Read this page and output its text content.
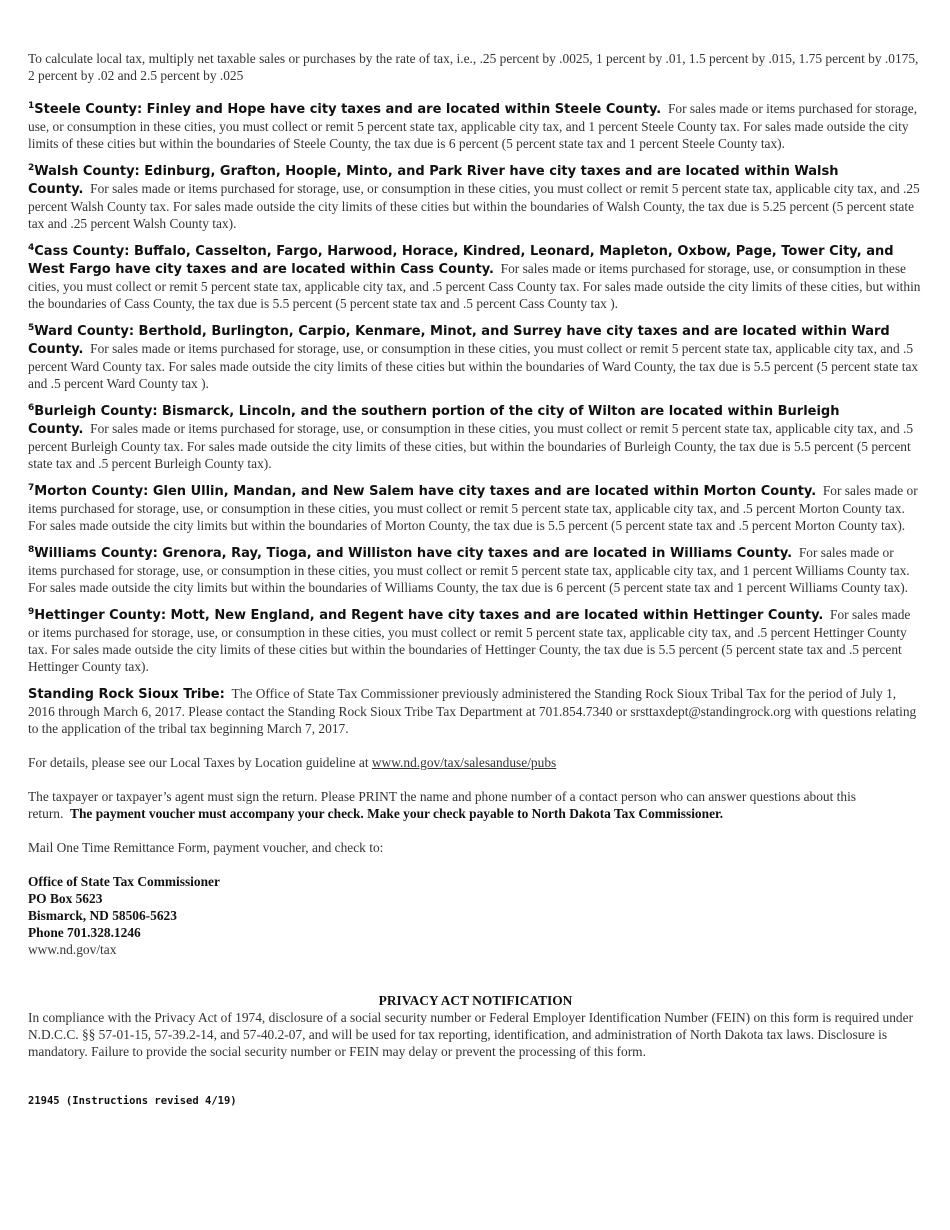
To calculate local tax, multiply net taxable sales or purchases by the rate of tax, i.e., .25 percent by .0025, 1 percent by .01, 1.5 percent by .015, 1.75 percent by .0175, 2 percent by .02 and 2.5 percent by .025

$^1$Steele County: Finley and Hope have city taxes and are located within Steele County. For sales made or items purchased for storage, use, or consumption in these cities, you must collect or remit 5 percent state tax, applicable city tax, and 1 percent Steele County tax. For sales made outside the city limits of these cities but within the boundaries of Steele County, the tax due is 6 percent (5 percent state tax and 1 percent Steele County tax).

$^2$Walsh County: Edinburg, Grafton, Hoople, Minto, and Park River have city taxes and are located within Walsh County. For sales made or items purchased for storage, use, or consumption in these cities, you must collect or remit 5 percent state tax, applicable city tax, and .25 percent Walsh County tax. For sales made outside the city limits of these cities but within the boundaries of Walsh County, the tax due is 5.25 percent (5 percent state tax and .25 percent Walsh County tax).

$^4$Cass County: Buffalo, Casselton, Fargo, Harwood, Horace, Kindred, Leonard, Mapleton, Oxbow, Page, Tower City, and West Fargo have city taxes and are located within Cass County. For sales made or items purchased for storage, use, or consumption in these cities, you must collect or remit 5 percent state tax, applicable city tax, and .5 percent Cass County tax. For sales made outside the city limits of these cities, but within the boundaries of Cass County, the tax due is 5.5 percent (5 percent state tax and .5 percent Cass County tax ).

$^5$Ward County: Berthold, Burlington, Carpio, Kenmare, Minot, and Surrey have city taxes and are located within Ward County. For sales made or items purchased for storage, use, or consumption in these cities, you must collect or remit 5 percent state tax, applicable city tax, and .5 percent Ward County tax. For sales made outside the city limits of these cities but within the boundaries of Ward County, the tax due is 5.5 percent (5 percent state tax and .5 percent Ward County tax ).

$^6$Burleigh County: Bismarck, Lincoln, and the southern portion of the city of Wilton are located within Burleigh County. For sales made or items purchased for storage, use, or consumption in these cities, you must collect or remit 5 percent state tax, applicable city tax, and .5 percent Burleigh County tax. For sales made outside the city limits of these cities, but within the boundaries of Burleigh County, the tax due is 5.5 percent (5 percent state tax and .5 percent Burleigh County tax).

$^7$Morton County: Glen Ullin, Mandan, and New Salem have city taxes and are located within Morton County. For sales made or items purchased for storage, use, or consumption in these cities, you must collect or remit 5 percent state tax, applicable city tax, and .5 percent Morton County tax. For sales made outside the city limits but within the boundaries of Morton County, the tax due is 5.5 percent (5 percent state tax and .5 percent Morton County tax).

$^8$Williams County: Grenora, Ray, Tioga, and Williston have city taxes and are located in Williams County. For sales made or items purchased for storage, use, or consumption in these cities, you must collect or remit 5 percent state tax, applicable city tax, and 1 percent Williams County tax. For sales made outside the city limits but within the boundaries of Williams County, the tax due is 6 percent (5 percent state tax and 1 percent Williams County tax).

$^9$Hettinger County: Mott, New England, and Regent have city taxes and are located within Hettinger County. For sales made or items purchased for storage, use, or consumption in these cities, you must collect or remit 5 percent state tax, applicable city tax, and .5 percent Hettinger County tax. For sales made outside the city limits of these cities but within the boundaries of Hettinger County, the tax due is 5.5 percent (5 percent state tax and .5 percent Hettinger County tax).

Standing Rock Sioux Tribe: The Office of State Tax Commissioner previously administered the Standing Rock Sioux Tribal Tax for the period of July 1, 2016 through March 6, 2017. Please contact the Standing Rock Sioux Tribe Tax Department at 701.854.7340 or srsttaxdept@standingrock.org with questions relating to the application of the tribal tax beginning March 7, 2017.

For details, please see our Local Taxes by Location guideline at www.nd.gov/tax/salesanduse/pubs

The taxpayer or taxpayer’s agent must sign the return. Please PRINT the name and phone number of a contact person who can answer questions about this return. The payment voucher must accompany your check. Make your check payable to North Dakota Tax Commissioner.

Mail One Time Remittance Form, payment voucher, and check to:

Office of State Tax Commissioner
PO Box 5623
Bismarck, ND 58506-5623
Phone 701.328.1246
www.nd.gov/tax
PRIVACY ACT NOTIFICATION

In compliance with the Privacy Act of 1974, disclosure of a social security number or Federal Employer Identification Number (FEIN) on this form is required under N.D.C.C. §§ 57-01-15, 57-39.2-14, and 57-40.2-07, and will be used for tax reporting, identification, and administration of North Dakota tax laws. Disclosure is mandatory. Failure to provide the social security number or FEIN may delay or prevent the processing of this form.

21945 (Instructions revised 4/19)
